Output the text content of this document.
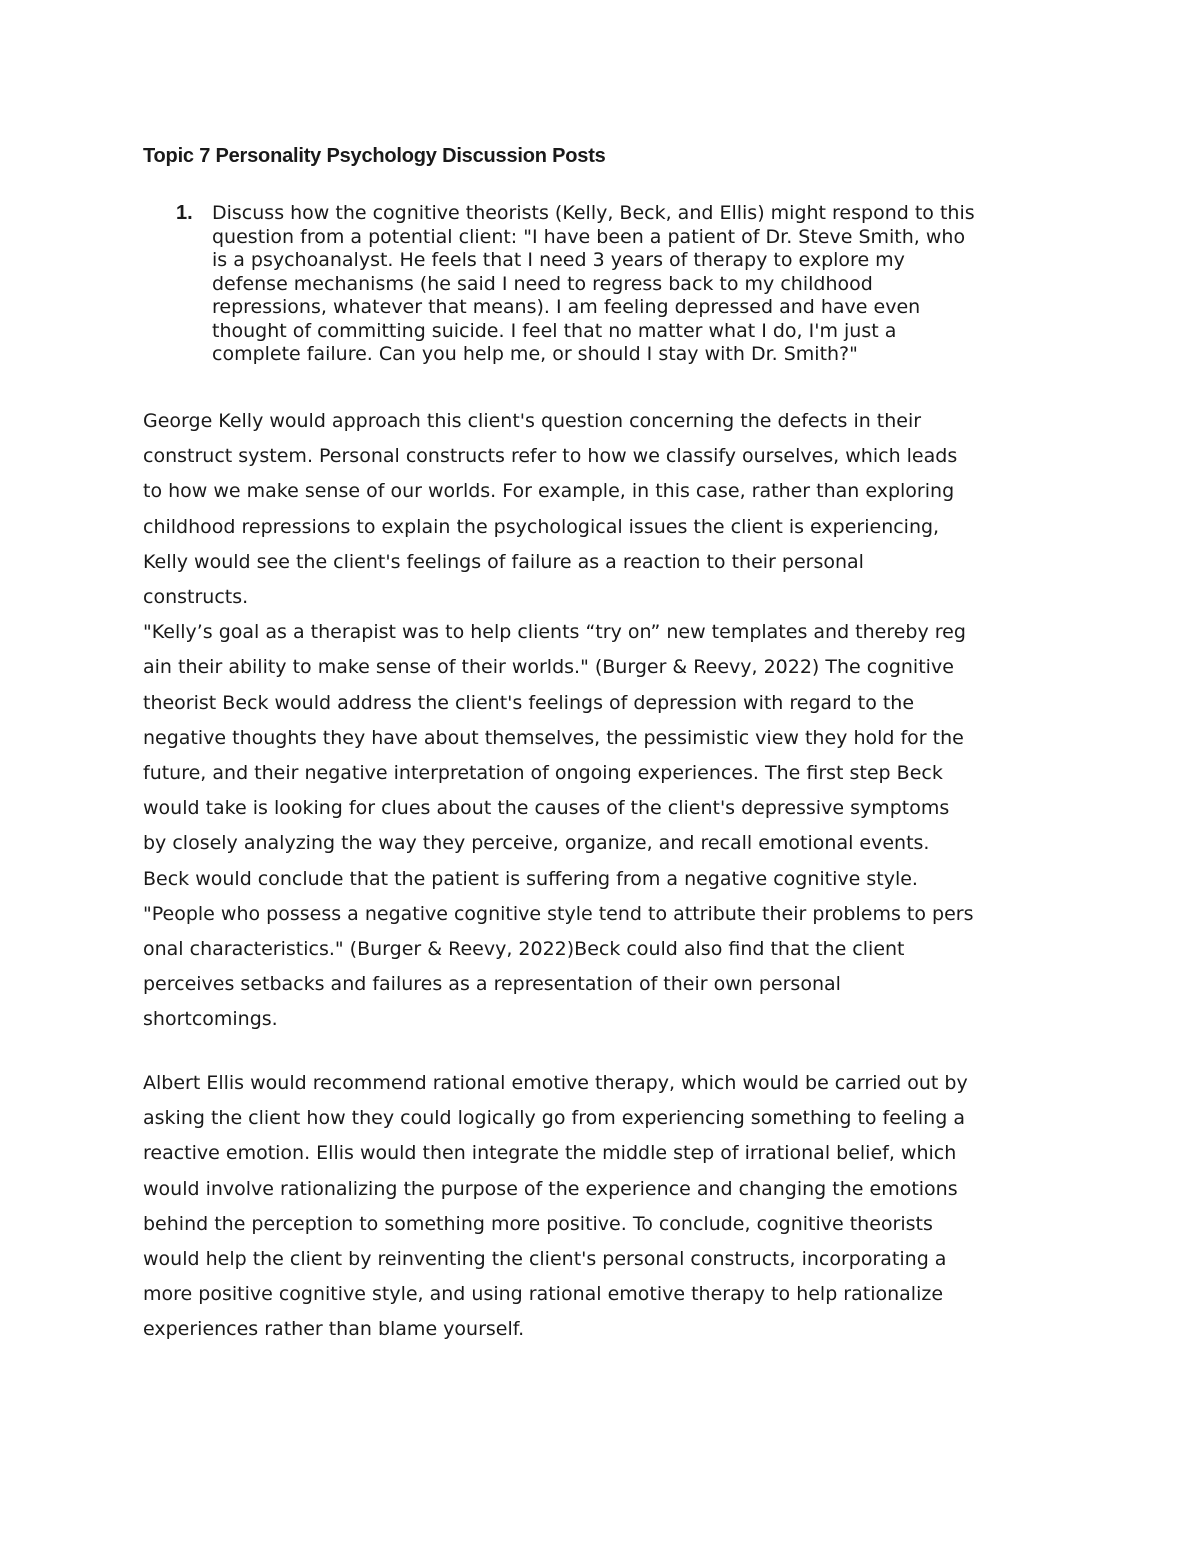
Topic 7 Personality Psychology Discussion Posts
1. Discuss how the cognitive theorists (Kelly, Beck, and Ellis) might respond to this
question from a potential client: "I have been a patient of Dr. Steve Smith, who
is a psychoanalyst. He feels that I need 3 years of therapy to explore my
defense mechanisms (he said I need to regress back to my childhood
repressions, whatever that means). I am feeling depressed and have even
thought of committing suicide. I feel that no matter what I do, I'm just a
complete failure. Can you help me, or should I stay with Dr. Smith?"
George Kelly would approach this client's question concerning the defects in their
construct system. Personal constructs refer to how we classify ourselves, which leads
to how we make sense of our worlds. For example, in this case, rather than exploring
childhood repressions to explain the psychological issues the client is experiencing,
Kelly would see the client's feelings of failure as a reaction to their personal
constructs.
"Kelly’s goal as a therapist was to help clients “try on” new templates and thereby reg
ain their ability to make sense of their worlds." (Burger & Reevy, 2022) The cognitive
theorist Beck would address the client's feelings of depression with regard to the
negative thoughts they have about themselves, the pessimistic view they hold for the
future, and their negative interpretation of ongoing experiences. The first step Beck
would take is looking for clues about the causes of the client's depressive symptoms
by closely analyzing the way they perceive, organize, and recall emotional events.
Beck would conclude that the patient is suffering from a negative cognitive style.
"People who possess a negative cognitive style tend to attribute their problems to pers
onal characteristics." (Burger & Reevy, 2022)Beck could also find that the client
perceives setbacks and failures as a representation of their own personal
shortcomings.
Albert Ellis would recommend rational emotive therapy, which would be carried out by
asking the client how they could logically go from experiencing something to feeling a
reactive emotion. Ellis would then integrate the middle step of irrational belief, which
would involve rationalizing the purpose of the experience and changing the emotions
behind the perception to something more positive. To conclude, cognitive theorists
would help the client by reinventing the client's personal constructs, incorporating a
more positive cognitive style, and using rational emotive therapy to help rationalize
experiences rather than blame yourself.
